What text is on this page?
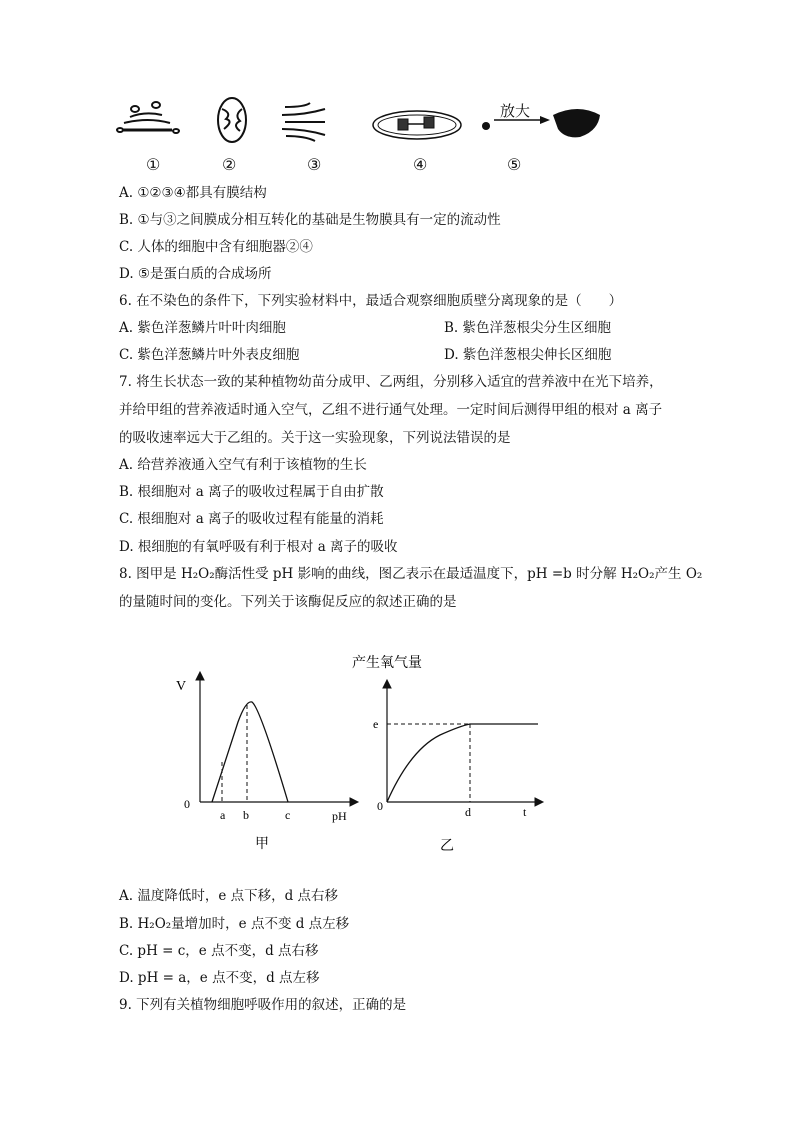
放大
①	②	③	④	⑤
A. ①②③④都具有膜结构
B. ①与③之间膜成分相互转化的基础是生物膜具有一定的流动性
C. 人体的细胞中含有细胞器②④
D. ⑤是蛋白质的合成场所
6. 在不染色的条件下，下列实验材料中，最适合观察细胞质壁分离现象的是（　　）
A. 紫色洋葱鳞片叶叶肉细胞	B. 紫色洋葱根尖分生区细胞
C. 紫色洋葱鳞片叶外表皮细胞	D. 紫色洋葱根尖伸长区细胞
7. 将生长状态一致的某种植物幼苗分成甲、乙两组，分别移入适宜的营养液中在光下培养，
并给甲组的营养液适时通入空气，乙组不进行通气处理。一定时间后测得甲组的根对 a 离子
的吸收速率远大于乙组的。关于这一实验现象，下列说法错误的是
A. 给营养液通入空气有利于该植物的生长
B. 根细胞对 a 离子的吸收过程属于自由扩散
C. 根细胞对 a 离子的吸收过程有能量的消耗
D. 根细胞的有氧呼吸有利于根对 a 离子的吸收
8. 图甲是 H₂O₂酶活性受 pH 影响的曲线，图乙表示在最适温度下，pH =b 时分解 H₂O₂产生 O₂
的量随时间的变化。下列关于该酶促反应的叙述正确的是
V
0
a b	c	pH
甲
产生氧气量
e
0	d	t
乙
A. 温度降低时，e 点下移，d 点右移
B. H₂O₂量增加时，e 点不变 d 点左移
C. pH = c，e 点不变，d 点右移
D. pH = a，e 点不变，d 点左移
9. 下列有关植物细胞呼吸作用的叙述，正确的是
